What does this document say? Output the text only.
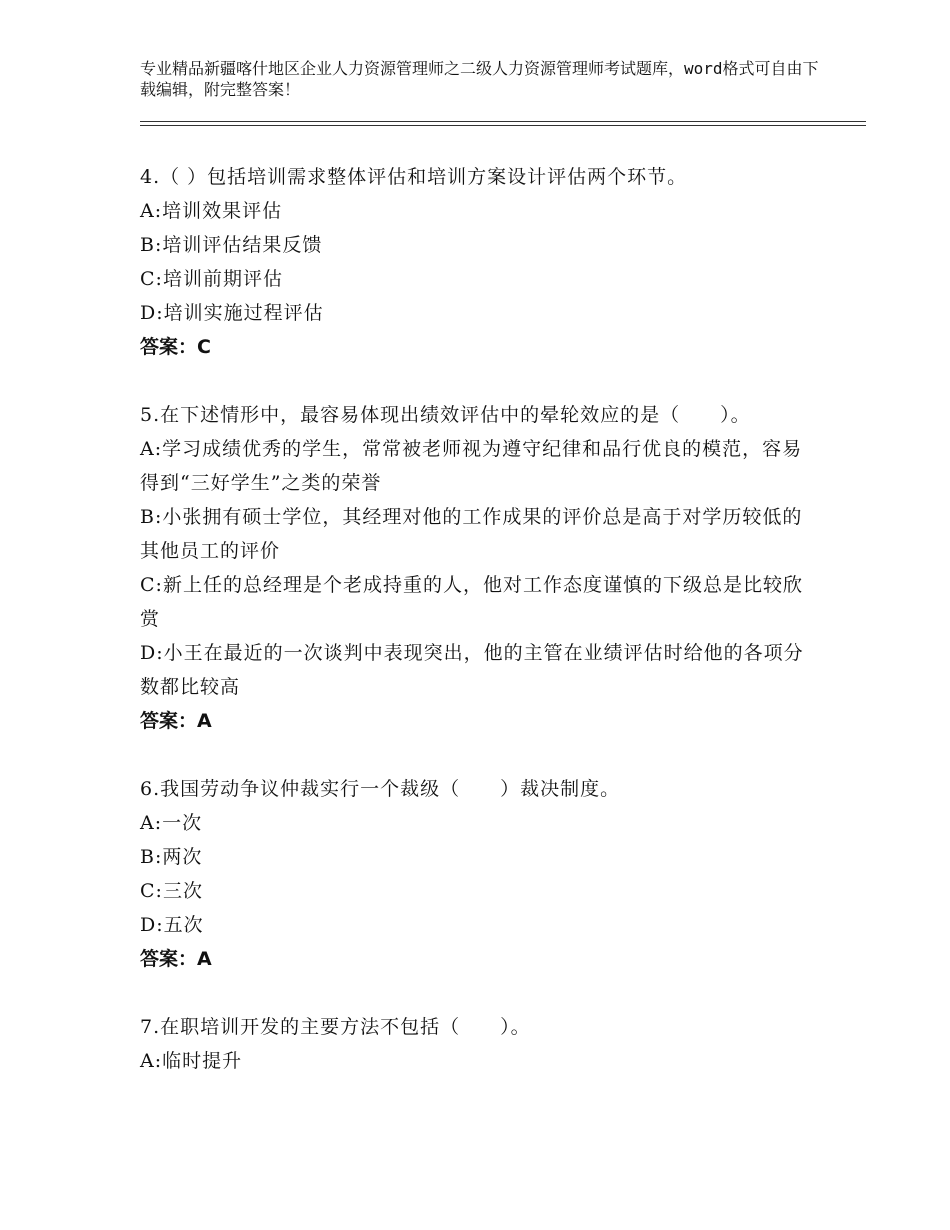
专业精品新疆喀什地区企业人力资源管理师之二级人力资源管理师考试题库，word格式可自由下载编辑，附完整答案！
4.（ ）包括培训需求整体评估和培训方案设计评估两个环节。
A:培训效果评估
B:培训评估结果反馈
C:培训前期评估
D:培训实施过程评估
答案：C
5.在下述情形中，最容易体现出绩效评估中的晕轮效应的是（　　）。
A:学习成绩优秀的学生，常常被老师视为遵守纪律和品行优良的模范，容易得到“三好学生”之类的荣誉
B:小张拥有硕士学位，其经理对他的工作成果的评价总是高于对学历较低的其他员工的评价
C:新上任的总经理是个老成持重的人，他对工作态度谨慎的下级总是比较欣赏
D:小王在最近的一次谈判中表现突出，他的主管在业绩评估时给他的各项分数都比较高
答案：A
6.我国劳动争议仲裁实行一个裁级（　　）裁决制度。
A:一次
B:两次
C:三次
D:五次
答案：A
7.在职培训开发的主要方法不包括（　　）。
A:临时提升
